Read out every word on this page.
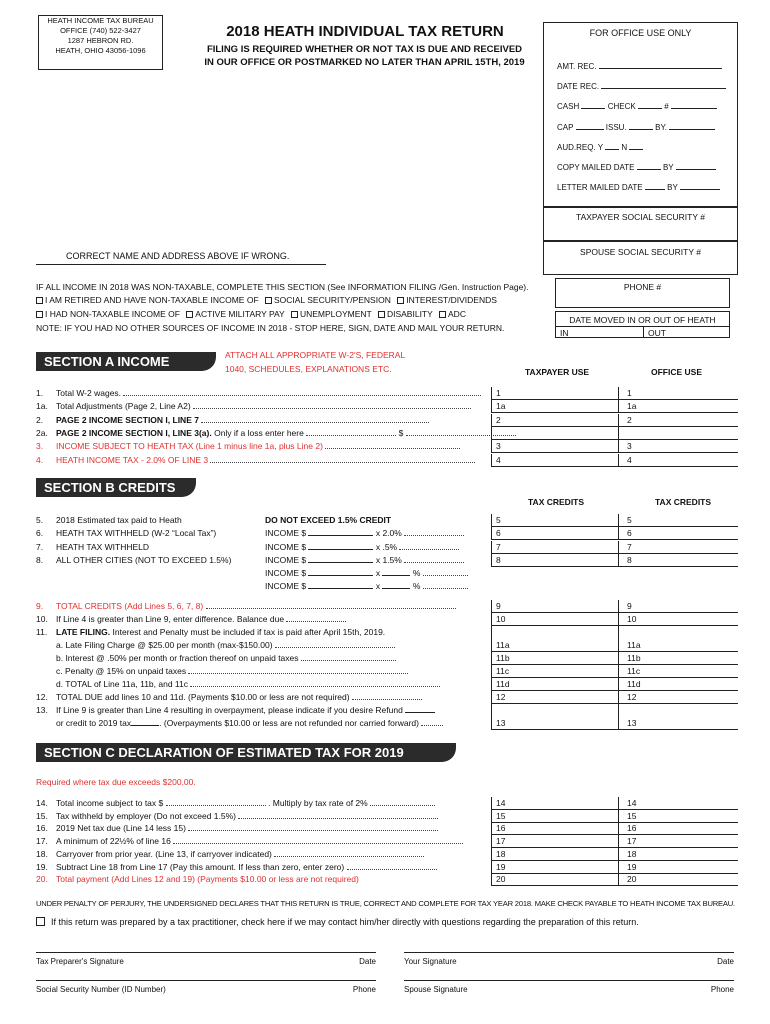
HEATH INCOME TAX BUREAU
OFFICE (740) 522-3427
1287 HEBRON RD.
HEATH, OHIO 43056-1096
2018 HEATH INDIVIDUAL TAX RETURN
FILING IS REQUIRED WHETHER OR NOT TAX IS DUE AND RECEIVED
IN OUR OFFICE OR POSTMARKED NO LATER THAN APRIL 15TH, 2019
FOR OFFICE USE ONLY
AMT. REC.
DATE REC.
CASH	CHECK	#
CAP	ISSU.	BY.
AUD.REQ. Y N
COPY MAILED DATE	BY
LETTER MAILED DATE	BY
TAXPAYER SOCIAL SECURITY #
SPOUSE SOCIAL SECURITY #
PHONE #
DATE MOVED IN OR OUT OF HEATH
IN	OUT
CORRECT NAME AND ADDRESS ABOVE IF WRONG.
IF ALL INCOME IN 2018 WAS NON-TAXABLE, COMPLETE THIS SECTION (See INFORMATION FILING /Gen. Instruction Page).
I AM RETIRED AND HAVE NON-TAXABLE INCOME OF SOCIAL SECURITY/PENSION INTEREST/DIVIDENDS
I HAD NON-TAXABLE INCOME OF ACTIVE MILITARY PAY UNEMPLOYMENT DISABILITY ADC
NOTE: IF YOU HAD NO OTHER SOURCES OF INCOME IN 2018 - STOP HERE, SIGN, DATE AND MAIL YOUR RETURN.
SECTION A INCOME	ATTACH ALL APPROPRIATE W-2'S, FEDERAL
1040, SCHEDULES, EXPLANATIONS ETC.	TAXPAYER USE	OFFICE USE
1. Total W-2 wages.	1	1
1a. Total Adjustments (Page 2, Line A2)	1a	1a
2. PAGE 2 INCOME SECTION I, LINE 7	2	2
2a. PAGE 2 INCOME SECTION I, LINE 3(a). Only if a loss enter here	$
3. INCOME SUBJECT TO HEATH TAX (Line 1 minus line 1a, plus Line 2)	3	3
4. HEATH INCOME TAX - 2.0% OF LINE 3	4	4
SECTION B CREDITS
TAX CREDITS	TAX CREDITS
DO NOT EXCEED 1.5% CREDIT
5. 2018 Estimated tax paid to Heath	5	5
6. HEATH TAX WITHHELD (W-2 “Local Tax”)	INCOME $	x 2.0%	6	6
7. HEATH TAX WITHHELD	INCOME $	x .5%	7	7
8. ALL OTHER CITIES (NOT TO EXCEED 1.5%)	INCOME $	x 1.5%	8	8
INCOME $	x	%
INCOME $	x	%
9. TOTAL CREDITS (Add Lines 5, 6, 7, 8)	9	9
10. If Line 4 is greater than Line 9, enter difference. Balance due	10	10
11. LATE FILING. Interest and Penalty must be included if tax is paid after April 15th, 2019.
a. Late Filing Charge @ $25.00 per month (max-$150.00)	11a	11a
b. Interest @ .50% per month or fraction thereof on unpaid taxes	11b	11b
c. Penalty @ 15% on unpaid taxes	11c	11c
d. TOTAL of Line 11a, 11b, and 11c	11d	11d
12. TOTAL DUE add lines 10 and 11d. (Payments $10.00 or less are not required)	12	12
13. If Line 9 is greater than Line 4 resulting in overpayment, please indicate if you desire Refund
or credit to 2019 tax	. (Overpayments $10.00 or less are not refunded nor carried forward)	13	13
SECTION C DECLARATION OF ESTIMATED TAX FOR 2019
Required where tax due exceeds $200.00.
14. Total income subject to tax $	. Multiply by tax rate of 2%	14	14
15. Tax withheld by employer (Do not exceed 1.5%)	15	15
16. 2019 Net tax due (Line 14 less 15)	16	16
17. A minimum of 22½% of line 16	17	17
18. Carryover from prior year. (Line 13, if carryover indicated)	18	18
19. Subtract Line 18 from Line 17 (Pay this amount. If less than zero, enter zero)	19	19
20. Total payment (Add Lines 12 and 19) (Payments $10.00 or less are not required)	20	20
UNDER PENALTY OF PERJURY, THE UNDERSIGNED DECLARES THAT THIS RETURN IS TRUE, CORRECT AND COMPLETE FOR TAX YEAR 2018. MAKE CHECK PAYABLE TO HEATH INCOME TAX BUREAU.
If this return was prepared by a tax practitioner, check here if we may contact him/her directly with questions regarding the preparation of this return.
Tax Preparer's Signature	Date	Your Signature	Date
Social Security Number (ID Number)	Phone	Spouse Signature	Phone
